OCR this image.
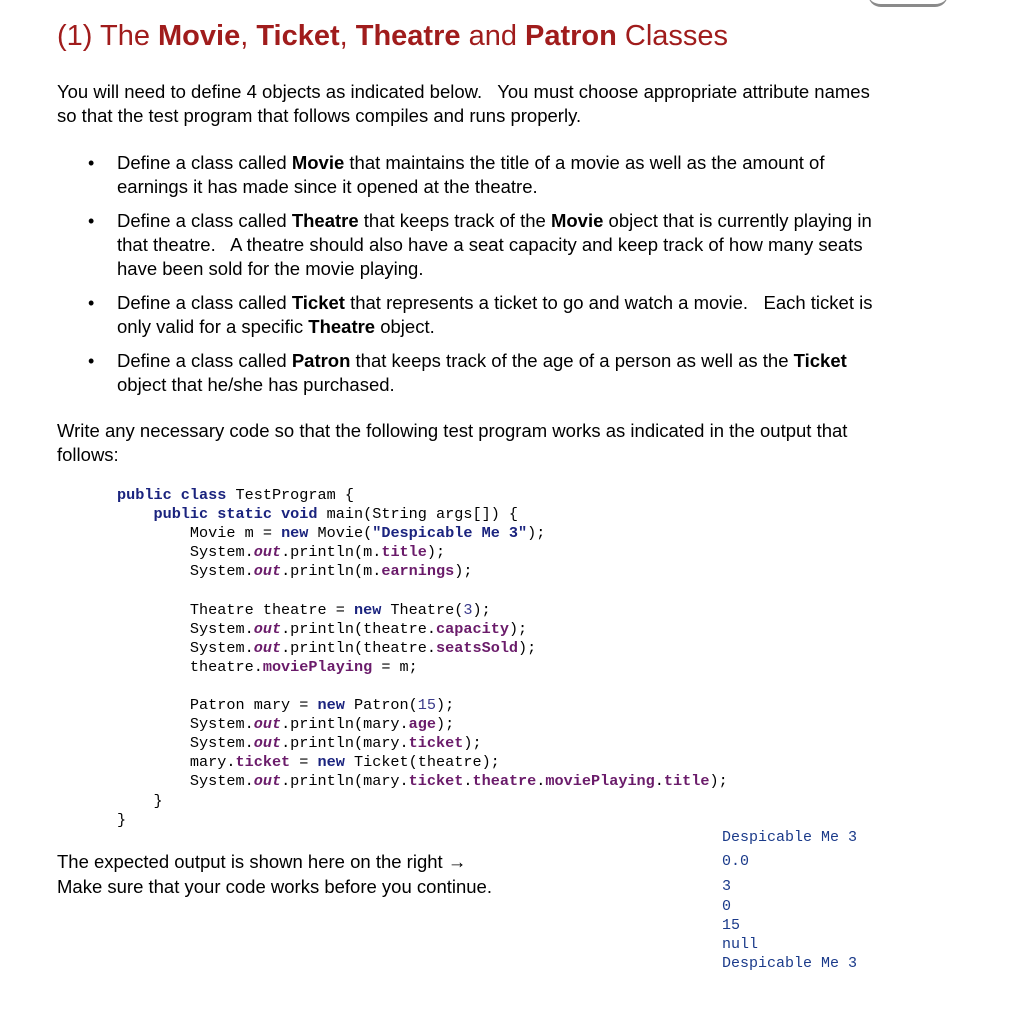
(1) The Movie, Ticket, Theatre and Patron Classes

You will need to define 4 objects as indicated below.   You must choose appropriate attribute names
so that the test program that follows compiles and runs properly.

• Define a class called Movie that maintains the title of a movie as well as the amount of
earnings it has made since it opened at the theatre.
• Define a class called Theatre that keeps track of the Movie object that is currently playing in
that theatre.   A theatre should also have a seat capacity and keep track of how many seats
have been sold for the movie playing.
• Define a class called Ticket that represents a ticket to go and watch a movie.   Each ticket is
only valid for a specific Theatre object.
• Define a class called Patron that keeps track of the age of a person as well as the Ticket
object that he/she has purchased.

Write any necessary code so that the following test program works as indicated in the output that
follows:

public class TestProgram {
public static void main(String args[]) {
Movie m = new Movie("Despicable Me 3");
System.out.println(m.title);
System.out.println(m.earnings);
Theatre theatre = new Theatre(3);
System.out.println(theatre.capacity);
System.out.println(theatre.seatsSold);
theatre.moviePlaying = m;
Patron mary = new Patron(15);
System.out.println(mary.age);
System.out.println(mary.ticket);
mary.ticket = new Ticket(theatre);
System.out.println(mary.ticket.theatre.moviePlaying.title);
}
}
The expected output is shown here on the right →
Make sure that your code works before you continue.
Despicable Me 3
0.0
3
0
15
null
Despicable Me 3
